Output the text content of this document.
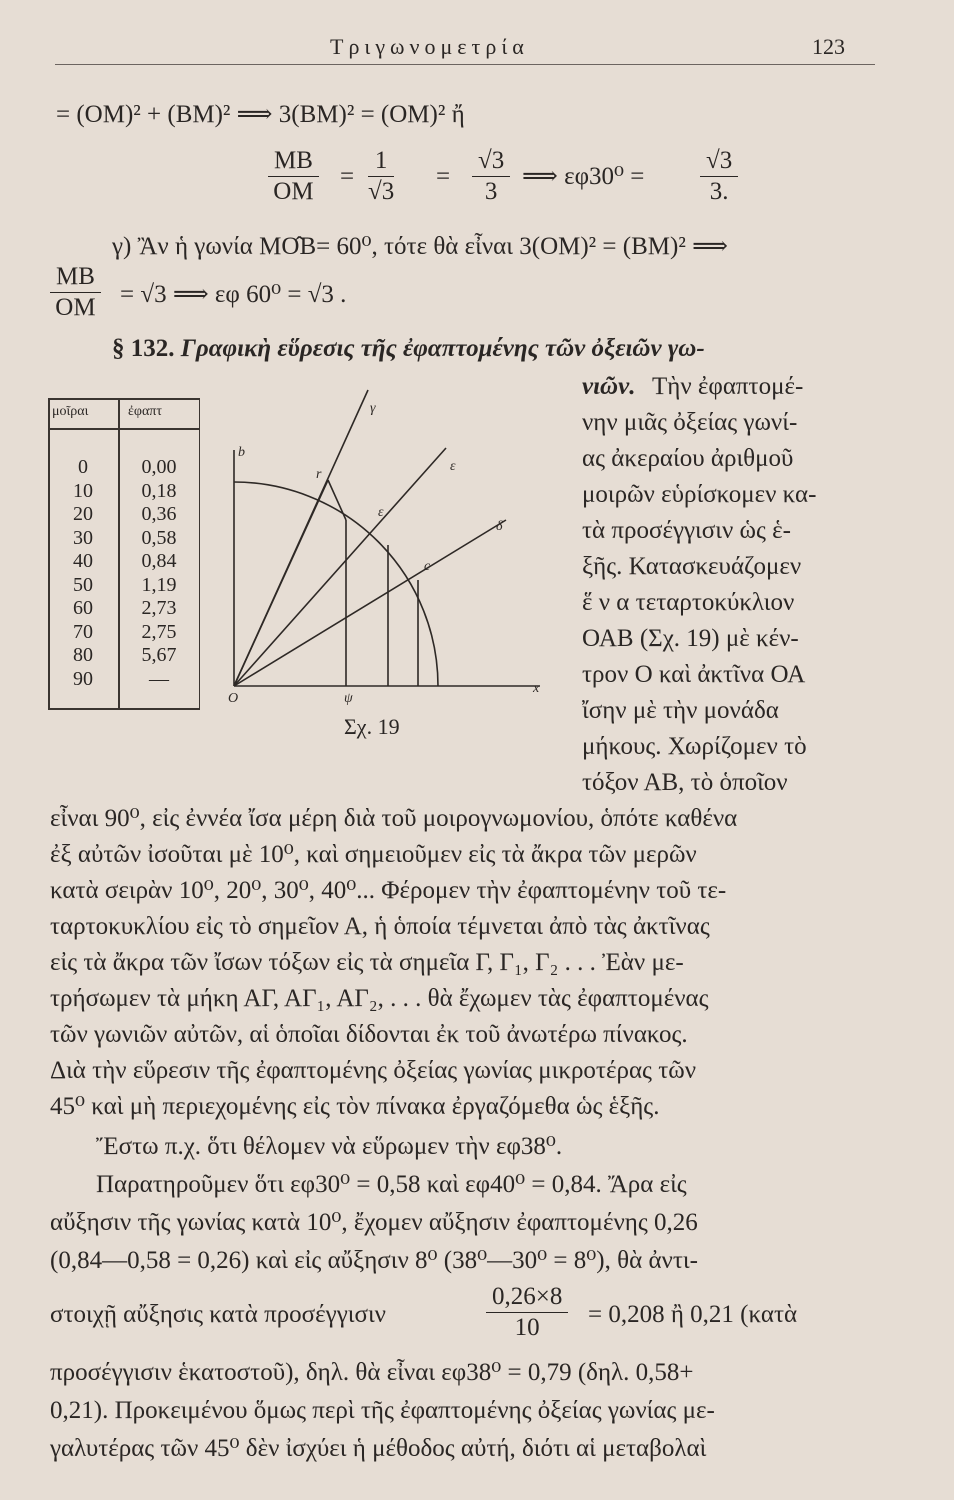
Τριγωνομετρία	123
= (ΟΜ)² + (ΒΜ)² ⟹ 3(ΒΜ)² = (ΟΜ)² ἤ
$\frac{MB}{OM} = \frac{1}{√3} = \frac{√3}{3}$ ⟹ $\varepsilon\varphi 30^0 = \frac{√3}{3.}$
γ) Ἂν ἡ γωνία ΜΟ̂Β= 60⁰, τότε θὰ εἶναι 3(ΟΜ)² = (ΒΜ)² ⟹
$\frac{MB}{OM} = √3$ ⟹ εφ 60⁰ = √3 .
§ 132. Γραφικὴ εὕρεσις τῆς ἐφαπτομένης τῶν ὀξειῶν γω-
νιῶν. Τὴν ἐφαπτομέ-
νην μιᾶς ὀξείας γωνί-
ας ἀκεραίου ἀριθμοῦ
μοιρῶν εὑρίσκομεν κα-
τὰ προσέγγισιν ὡς ἑ-
ξῆς. Κατασκευάζομεν
ἕ ν α τεταρτοκύκλιον
ΟΑΒ (Σχ. 19) μὲ κέν-
τρον Ο καὶ ἀκτῖνα ΟΑ
ἴσην μὲ τὴν μονάδα
μήκους. Χωρίζομεν τὸ
τόξον ΑΒ, τὸ ὁποῖον
μοῖραι	ἐφαπτ
0	0,00
10	0,18
20	0,36
30	0,58
40	0,84
50	1,19
60	2,73
70	2,75
80	5,67
90	—
O
x
b
γ
ε
c
r
ε
δ
ψ
Σχ. 19
εἶναι 90⁰, εἰς ἐννέα ἴσα μέρη διὰ τοῦ μοιρογνωμονίου, ὁπότε καθένα
ἐξ αὐτῶν ἰσοῦται μὲ 10⁰, καὶ σημειοῦμεν εἰς τὰ ἄκρα τῶν μερῶν
κατὰ σειρὰν 10⁰, 20⁰, 30⁰, 40⁰... Φέρομεν τὴν ἐφαπτομένην τοῦ τε-
ταρτοκυκλίου εἰς τὸ σημεῖον Α, ἡ ὁποία τέμνεται ἀπὸ τὰς ἀκτῖνας
εἰς τὰ ἄκρα τῶν ἴσων τόξων εἰς τὰ σημεῖα Γ, Γ₁, Γ₂ . . . Ἐὰν με-
τρήσωμεν τὰ μήκη ΑΓ, ΑΓ₁, ΑΓ₂, . . . θὰ ἔχωμεν τὰς ἐφαπτομένας
τῶν γωνιῶν αὐτῶν, αἱ ὁποῖαι δίδονται ἐκ τοῦ ἀνωτέρω πίνακος.
Διὰ τὴν εὕρεσιν τῆς ἐφαπτομένης ὀξείας γωνίας μικροτέρας τῶν
45⁰ καὶ μὴ περιεχομένης εἰς τὸν πίνακα ἐργαζόμεθα ὡς ἑξῆς.
Ἔστω π.χ. ὅτι θέλομεν νὰ εὕρωμεν τὴν εφ38⁰.
Παρατηροῦμεν ὅτι εφ30⁰ = 0,58 καὶ εφ40⁰ = 0,84. Ἄρα εἰς
αὔξησιν τῆς γωνίας κατὰ 10⁰, ἔχομεν αὔξησιν ἐφαπτομένης 0,26
(0,84—0,58 = 0,26) καὶ εἰς αὔξησιν 8⁰ (38⁰—30⁰ = 8⁰), θὰ ἀντι-
στοιχῇ αὔξησις κατὰ προσέγγισιν	$\frac{0,26\times 8}{10} = 0,208$ ἢ 0,21 (κατὰ
προσέγγισιν ἑκατοστοῦ), δηλ. θὰ εἶναι εφ38⁰ = 0,79 (δηλ. 0,58+
0,21). Προκειμένου ὅμως περὶ τῆς ἐφαπτομένης ὀξείας γωνίας με-
γαλυτέρας τῶν 45⁰ δὲν ἰσχύει ἡ μέθοδος αὐτή, διότι αἱ μεταβολαὶ
